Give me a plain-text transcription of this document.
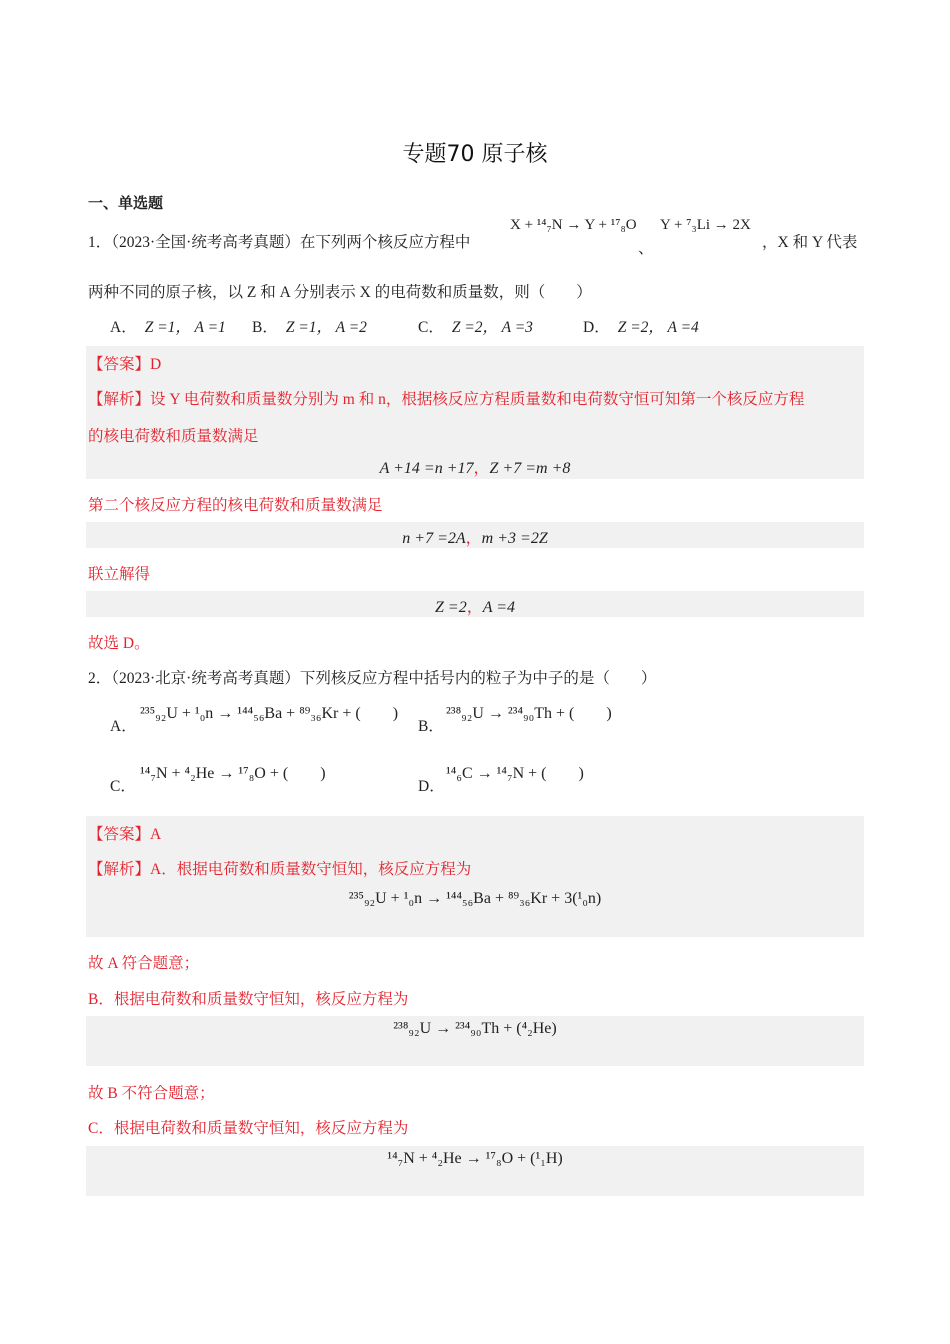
专题70 原子核
一、单选题
1．（2023·全国·统考高考真题）在下列两个核反应方程中
X + ¹⁴₇N → Y + ¹⁷₈O
、
Y + ⁷₃Li → 2X
，X 和 Y 代表
两种不同的原子核，以 Z 和 A 分别表示 X 的电荷数和质量数，则（　　）
A． Z =1， A =1 B． Z =1， A =2	C． Z =2， A =3	D． Z =2， A =4
【答案】D
【解析】设 Y 电荷数和质量数分别为 m 和 n，根据核反应方程质量数和电荷数守恒可知第一个核反应方程
的核电荷数和质量数满足
A +14 =n +17，Z +7 =m +8
第二个核反应方程的核电荷数和质量数满足
n +7 =2A，m +3 =2Z
联立解得
Z =2，A =4
故选 D。
2．（2023·北京·统考高考真题）下列核反应方程中括号内的粒子为中子的是（　　）
A．
²³⁵₉₂U + ¹₀n → ¹⁴⁴₅₆Ba + ⁸⁹₃₆Kr + (　　)
B．
²³⁸₉₂U → ²³⁴₉₀Th + (　　)
C．
¹⁴₇N + ⁴₂He → ¹⁷₈O + (　　)
D．
¹⁴₆C → ¹⁴₇N + (　　)
【答案】A
【解析】A．根据电荷数和质量数守恒知，核反应方程为
²³⁵₉₂U + ¹₀n → ¹⁴⁴₅₆Ba + ⁸⁹₃₆Kr + 3(¹₀n)
故 A 符合题意；
B．根据电荷数和质量数守恒知，核反应方程为
²³⁸₉₂U → ²³⁴₉₀Th + (⁴₂He)
故 B 不符合题意；
C．根据电荷数和质量数守恒知，核反应方程为
¹⁴₇N + ⁴₂He → ¹⁷₈O + (¹₁H)
